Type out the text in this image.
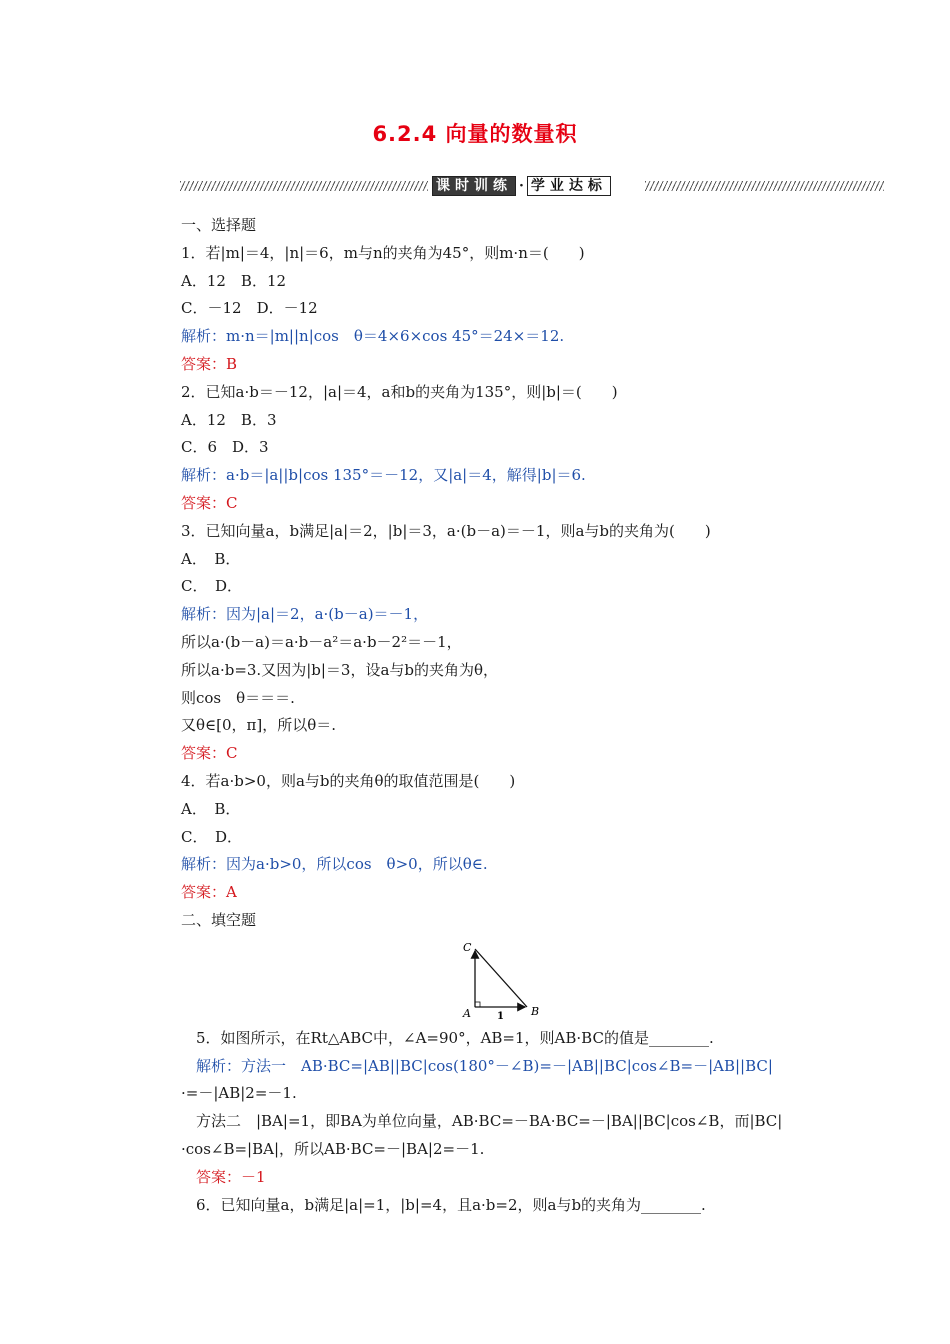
6.2.4 向量的数量积
课时训练 · 学业达标
一、选择题
1．若|m|＝4，|n|＝6，m与n的夹角为45°，则m·n＝(　　)
A．12　B．12
C．－12　D．－12
解析：m·n＝|m||n|cos　θ＝4×6×cos 45°＝24×＝12.
答案：B
2．已知a·b＝－12，|a|＝4，a和b的夹角为135°，则|b|＝(　　)
A．12　B．3
C．6　D．3
解析：a·b＝|a||b|cos 135°＝－12，又|a|＝4，解得|b|＝6.
答案：C
3．已知向量a，b满足|a|＝2，|b|＝3，a·(b－a)＝－1，则a与b的夹角为(　　)
A．　B．
C．　D．
解析：因为|a|＝2，a·(b－a)＝－1，
所以a·(b－a)＝a·b－a²＝a·b－2²＝－1，
所以a·b=3.又因为|b|＝3，设a与b的夹角为θ，
则cos　θ＝＝＝.
又θ∈[0，π]，所以θ＝.
答案：C
4．若a·b>0，则a与b的夹角θ的取值范围是(　　)
A．　B．
C．　D．
解析：因为a·b>0，所以cos　θ>0，所以θ∈.
答案：A
二、填空题
C
A	B
1
　5．如图所示，在Rt△ABC中，∠A=90°，AB=1，则AB·BC的值是________.
　解析：方法一　AB·BC=|AB||BC|cos(180°－∠B)=－|AB||BC|cos∠B=－|AB||BC|
·=－|AB|2=－1.
　方法二　|BA|=1，即BA为单位向量，AB·BC=－BA·BC=－|BA||BC|cos∠B，而|BC|
·cos∠B=|BA|，所以AB·BC=－|BA|2=－1.
　答案：－1
　6．已知向量a，b满足|a|=1，|b|=4，且a·b=2，则a与b的夹角为________.
